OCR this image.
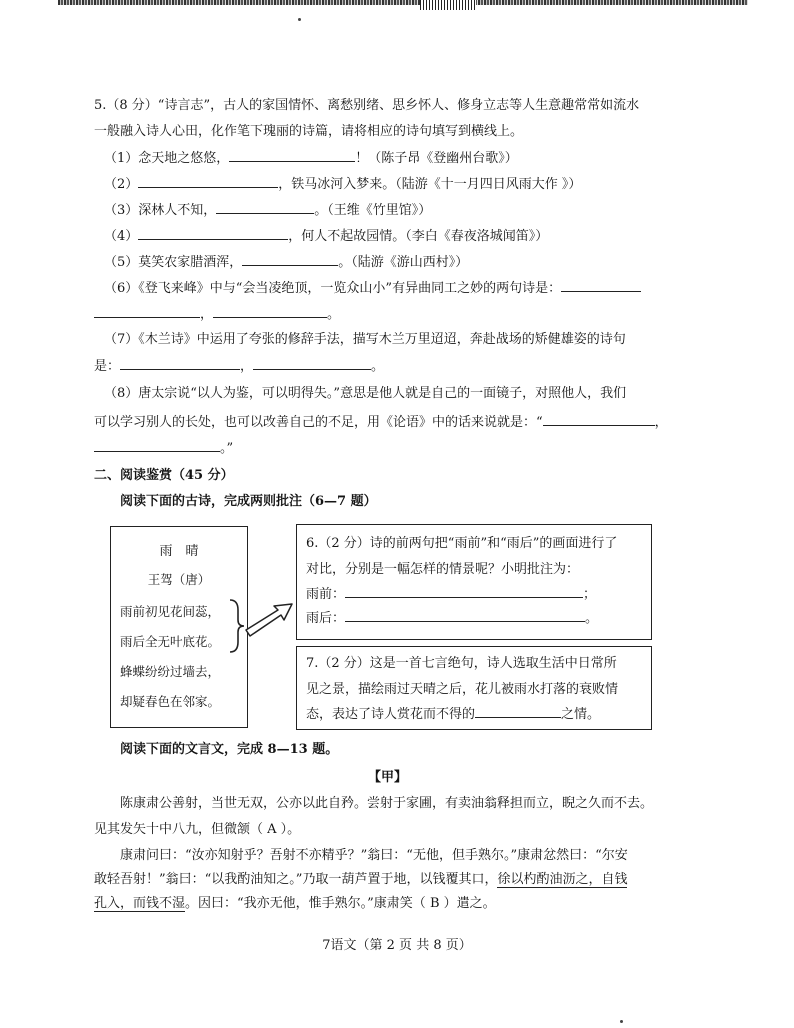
5.（8 分）“诗言志”，古人的家国情怀、离愁别绪、思乡怀人、修身立志等人生意趣常常如流水
一般融入诗人心田，化作笔下瑰丽的诗篇，请将相应的诗句填写到横线上。
（1）念天地之悠悠，	！（陈子昂《登幽州台歌》）
（2）	，铁马冰河入梦来。（陆游《十一月四日风雨大作 》）
（3）深林人不知，	。（王维《竹里馆》）
（4）	，何人不起故园情。（李白《春夜洛城闻笛》）
（5）莫笑农家腊酒浑，	。（陆游《游山西村》）
（6）《登飞来峰》中与“会当凌绝顶，一览众山小”有异曲同工之妙的两句诗是：
，	。
（7）《木兰诗》中运用了夸张的修辞手法，描写木兰万里迢迢，奔赴战场的矫健雄姿的诗句
是：	，	。
（8）唐太宗说“以人为鉴，可以明得失。”意思是他人就是自己的一面镜子，对照他人，我们
可以学习别人的长处，也可以改善自己的不足，用《论语》中的话来说就是：“	，
。”
二、阅读鉴赏（45 分）
阅读下面的古诗，完成两则批注（6—7 题）
雨　晴
王驾（唐）
雨前初见花间蕊，
雨后全无叶底花。
蜂蝶纷纷过墙去，
却疑春色在邻家。
6.（2 分）诗的前两句把“雨前”和“雨后”的画面进行了
对比，分别是一幅怎样的情景呢？小明批注为：
雨前：	；
雨后：	。
7.（2 分）这是一首七言绝句，诗人选取生活中日常所
见之景，描绘雨过天晴之后，花儿被雨水打落的衰败情
态，表达了诗人赏花而不得的	之情。
阅读下面的文言文，完成 8—13 题。
【甲】
陈康肃公善射，当世无双，公亦以此自矜。尝射于家圃，有卖油翁释担而立，睨之久而不去。
见其发矢十中八九，但微颔（ A ）。
康肃问曰：“汝亦知射乎？吾射不亦精乎？”翁曰：“无他，但手熟尔。”康肃忿然曰：“尔安
敢轻吾射！”翁曰：“以我酌油知之。”乃取一葫芦置于地，以钱覆其口，徐以杓酌油沥之，自钱
孔入，而钱不湿。因曰：“我亦无他，惟手熟尔。”康肃笑（ B ）遣之。
7语文（第 2 页 共 8 页）
